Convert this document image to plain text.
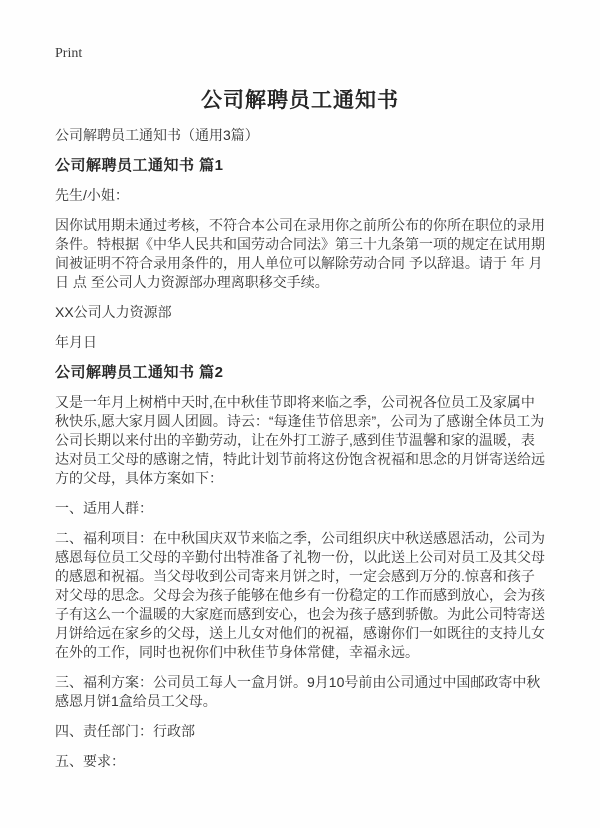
Print
公司解聘员工通知书

公司解聘员工通知书（通用3篇）

公司解聘员工通知书 篇1

先生/小姐：

因你试用期未通过考核，不符合本公司在录用你之前所公布的你所在职位的录用条件。特根据《中华人民共和国劳动合同法》第三十九条第一项的规定在试用期间被证明不符合录用条件的，用人单位可以解除劳动合同 予以辞退。请于 年 月 日 点 至公司人力资源部办理离职移交手续。

XX公司人力资源部

年月日

公司解聘员工通知书 篇2

又是一年月上树梢中天时,在中秋佳节即将来临之季，公司祝各位员工及家属中秋快乐,愿大家月圆人团圆。诗云：“每逢佳节倍思亲”，公司为了感谢全体员工为公司长期以来付出的辛勤劳动，让在外打工游子,感到佳节温馨和家的温暖，表达对员工父母的感谢之情，特此计划节前将这份饱含祝福和思念的月饼寄送给远方的父母，具体方案如下：

一、适用人群：

二、福利项目：在中秋国庆双节来临之季，公司组织庆中秋送感恩活动，公司为感恩每位员工父母的辛勤付出特准备了礼物一份，以此送上公司对员工及其父母的感恩和祝福。当父母收到公司寄来月饼之时，一定会感到万分的.惊喜和孩子对父母的思念。父母会为孩子能够在他乡有一份稳定的工作而感到放心，会为孩子有这么一个温暖的大家庭而感到安心，也会为孩子感到骄傲。为此公司特寄送月饼给远在家乡的父母，送上儿女对他们的祝福，感谢你们一如既往的支持儿女在外的工作，同时也祝你们中秋佳节身体常健，幸福永远。

三、福利方案：公司员工每人一盒月饼。9月10号前由公司通过中国邮政寄中秋感恩月饼1盒给员工父母。

四、责任部门：行政部

五、要求：
